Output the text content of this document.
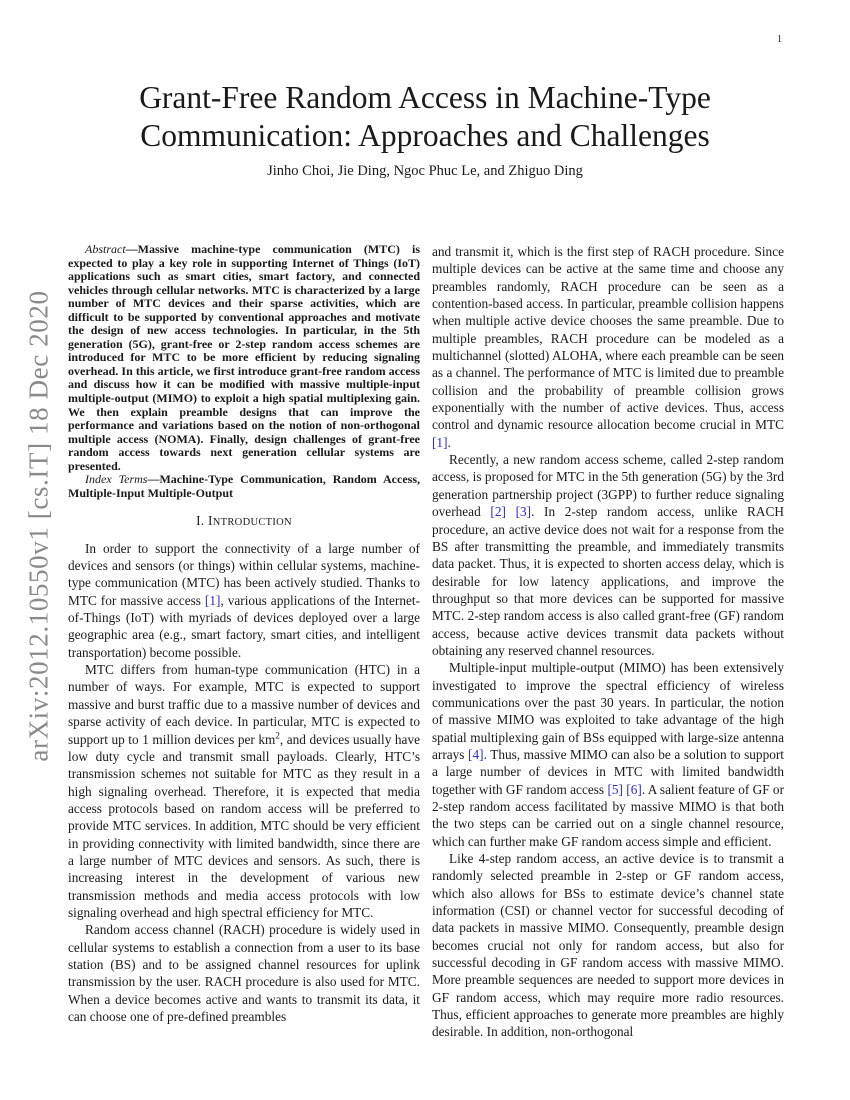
1
arXiv:2012.10550v1 [cs.IT] 18 Dec 2020
Grant-Free Random Access in Machine-Type
Communication: Approaches and Challenges
Jinho Choi, Jie Ding, Ngoc Phuc Le, and Zhiguo Ding

Abstract—Massive machine-type communication (MTC) is expected to play a key role in supporting Internet of Things (IoT) applications such as smart cities, smart factory, and connected vehicles through cellular networks. MTC is characterized by a large number of MTC devices and their sparse activities, which are difficult to be supported by conventional approaches and motivate the design of new access technologies. In particular, in the 5th generation (5G), grant-free or 2-step random access schemes are introduced for MTC to be more efficient by reducing signaling overhead. In this article, we first introduce grant-free random access and discuss how it can be modified with massive multiple-input multiple-output (MIMO) to exploit a high spatial multiplexing gain. We then explain preamble designs that can improve the performance and variations based on the notion of non-orthogonal multiple access (NOMA). Finally, design challenges of grant-free random access towards next generation cellular systems are presented.

Index Terms—Machine-Type Communication, Random Access, Multiple-Input Multiple-Output

I. INTRODUCTION

In order to support the connectivity of a large number of devices and sensors (or things) within cellular systems, machine-type communication (MTC) has been actively studied. Thanks to MTC for massive access [1], various applications of the Internet-of-Things (IoT) with myriads of devices deployed over a large geographic area (e.g., smart factory, smart cities, and intelligent transportation) become possible.

MTC differs from human-type communication (HTC) in a number of ways. For example, MTC is expected to support massive and burst traffic due to a massive number of devices and sparse activity of each device. In particular, MTC is expected to support up to 1 million devices per $km^2$, and devices usually have low duty cycle and transmit small payloads. Clearly, HTC’s transmission schemes not suitable for MTC as they result in a high signaling overhead. Therefore, it is expected that media access protocols based on random access will be preferred to provide MTC services. In addition, MTC should be very efficient in providing connectivity with limited bandwidth, since there are a large number of MTC devices and sensors. As such, there is increasing interest in the development of various new transmission methods and media access protocols with low signaling overhead and high spectral efficiency for MTC.

Random access channel (RACH) procedure is widely used in cellular systems to establish a connection from a user to its base station (BS) and to be assigned channel resources for uplink transmission by the user. RACH procedure is also used for MTC. When a device becomes active and wants to transmit its data, it can choose one of pre-defined preambles

and transmit it, which is the first step of RACH procedure. Since multiple devices can be active at the same time and choose any preambles randomly, RACH procedure can be seen as a contention-based access. In particular, preamble collision happens when multiple active device chooses the same preamble. Due to multiple preambles, RACH procedure can be modeled as a multichannel (slotted) ALOHA, where each preamble can be seen as a channel. The performance of MTC is limited due to preamble collision and the probability of preamble collision grows exponentially with the number of active devices. Thus, access control and dynamic resource allocation become crucial in MTC [1].

Recently, a new random access scheme, called 2-step random access, is proposed for MTC in the 5th generation (5G) by the 3rd generation partnership project (3GPP) to further reduce signaling overhead [2] [3]. In 2-step random access, unlike RACH procedure, an active device does not wait for a response from the BS after transmitting the preamble, and immediately transmits data packet. Thus, it is expected to shorten access delay, which is desirable for low latency applications, and improve the throughput so that more devices can be supported for massive MTC. 2-step random access is also called grant-free (GF) random access, because active devices transmit data packets without obtaining any reserved channel resources.

Multiple-input multiple-output (MIMO) has been extensively investigated to improve the spectral efficiency of wireless communications over the past 30 years. In particular, the notion of massive MIMO was exploited to take advantage of the high spatial multiplexing gain of BSs equipped with large-size antenna arrays [4]. Thus, massive MIMO can also be a solution to support a large number of devices in MTC with limited bandwidth together with GF random access [5] [6]. A salient feature of GF or 2-step random access facilitated by massive MIMO is that both the two steps can be carried out on a single channel resource, which can further make GF random access simple and efficient.

Like 4-step random access, an active device is to transmit a randomly selected preamble in 2-step or GF random access, which also allows for BSs to estimate device’s channel state information (CSI) or channel vector for successful decoding of data packets in massive MIMO. Consequently, preamble design becomes crucial not only for random access, but also for successful decoding in GF random access with massive MIMO. More preamble sequences are needed to support more devices in GF random access, which may require more radio resources. Thus, efficient approaches to generate more preambles are highly desirable. In addition, non-orthogonal
